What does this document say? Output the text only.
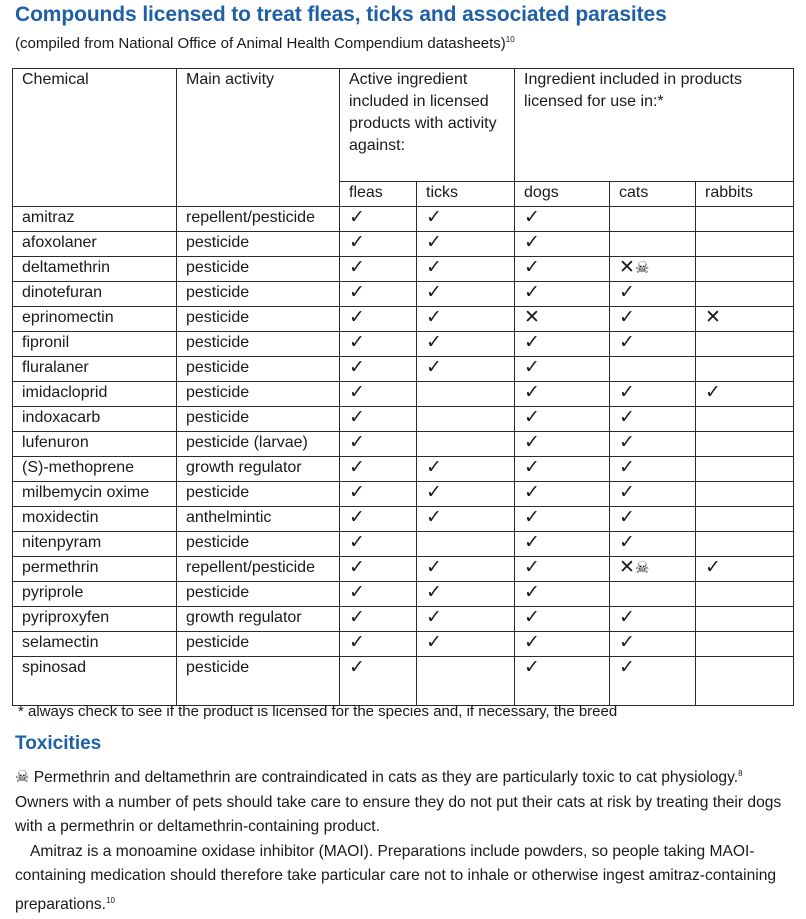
Compounds licensed to treat fleas, ticks and associated parasites

(compiled from National Office of Animal Health Compendium datasheets)$^{10}$

Chemical	Main activity	Active ingredient included in licensed products with activity against:		Ingredient included in products licensed for use in:*		
		fleas	ticks	dogs	cats	rabbits
amitraz	repellent/pesticide	✓	✓	✓		
afoxolaner	pesticide	✓	✓	✓		
deltamethrin	pesticide	✓	✓	✓	✕☠	
dinotefuran	pesticide	✓	✓	✓	✓	
eprinomectin	pesticide	✓	✓	✕	✓	✕
fipronil	pesticide	✓	✓	✓	✓	
fluralaner	pesticide	✓	✓	✓		
imidacloprid	pesticide	✓		✓	✓	✓
indoxacarb	pesticide	✓		✓	✓	
lufenuron	pesticide (larvae)	✓		✓	✓	
(S)-methoprene	growth regulator	✓	✓	✓	✓	
milbemycin oxime	pesticide	✓	✓	✓	✓	
moxidectin	anthelmintic	✓	✓	✓	✓	
nitenpyram	pesticide	✓		✓	✓	
permethrin	repellent/pesticide	✓	✓	✓	✕☠	✓
pyriprole	pesticide	✓	✓	✓		
pyriproxyfen	growth regulator	✓	✓	✓	✓	
selamectin	pesticide	✓	✓	✓	✓	
spinosad	pesticide	✓		✓	✓	

* always check to see if the product is licensed for the species and, if necessary, the breed

Toxicities

☠ Permethrin and deltamethrin are contraindicated in cats as they are particularly toxic to cat physiology.$^8$

Owners with a number of pets should take care to ensure they do not put their cats at risk by treating their dogs with a permethrin or deltamethrin-containing product.

Amitraz is a monoamine oxidase inhibitor (MAOI). Preparations include powders, so people taking MAOI-containing medication should therefore take particular care not to inhale or otherwise ingest amitraz-containing preparations.$^{10}$
